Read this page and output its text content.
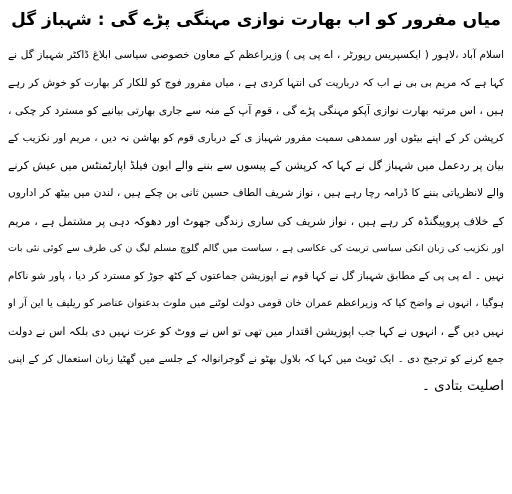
میاں مفرور کو اب بھارت نوازی مہنگی پڑے گی : شہباز گل
اسلام آباد ،لاہور ( ایکسپریس رپورٹر ، اے پی پی ) وزیراعظم کے معاون خصوصی سیاسی ابلاغ ڈاکٹر شہباز گل نے
کہا ہے کہ مریم بی بی نے اب کہ درباریت کی انتہا کردی ہے ، میاں مفرور فوج کو للکار کر بھارت کو خوش کر رہے
ہیں ، اس مرتبہ بھارت نوازی آپکو مہنگی پڑے گی ، قوم آپ کے منہ سے جاری بھارتی بیانیے کو مسترد کر چکی ،
کرپشن کر کے اپنے بیٹوں اور سمدھی سمیت مفرور شہباز ی کے درباری قوم کو بھاشن نہ دیں ، مریم اور نکزیب کے
بیان پر ردعمل میں شہباز گل نے کہا کہ کرپشن کے پیسوں سے بننے والے ایون فیلڈ اپارٹمنٹس میں عیش کرنے
والے لانظریاتی بننے کا ڈرامہ رچا رہے ہیں ، نواز شریف الطاف حسین ثانی بن چکے ہیں ، لندن میں بیٹھ کر اداروں
کے خلاف پروپیگنڈہ کر رہے ہیں ، نواز شریف کی ساری زندگی جھوٹ اور دھوکہ دہی پر مشتمل ہے ، مریم
اور نکزیب کی زبان انکی سیاسی تربیت کی عکاسی ہے ، سیاست میں گالم گلوچ مسلم لیگ ن کی طرف سے کوئی نئی بات
نہیں ۔ اے پی پی کے مطابق شہباز گل نے کہا قوم نے اپوزیشن جماعتوں کے کٹھ جوڑ کو مسترد کر دیا ، پاور شو ناکام
ہوگیا ، انہوں نے واضح کیا کہ وزیراعظم عمران خان قومی دولت لوٹنے میں ملوث بدعنوان عناصر کو ریلیف یا این آر او
نہیں دیں گے ، انہوں نے کہا جب اپوزیشن اقتدار میں تھی تو اس نے ووٹ کو عزت نہیں دی بلکہ اس نے دولت
جمع کرنے کو ترجیح دی ۔ ایک ٹویٹ میں کہا کہ بلاول بھٹو نے گوجرانوالہ کے جلسے میں گھٹیا زبان استعمال کر کے اپنی
اصلیت بتادی ۔
